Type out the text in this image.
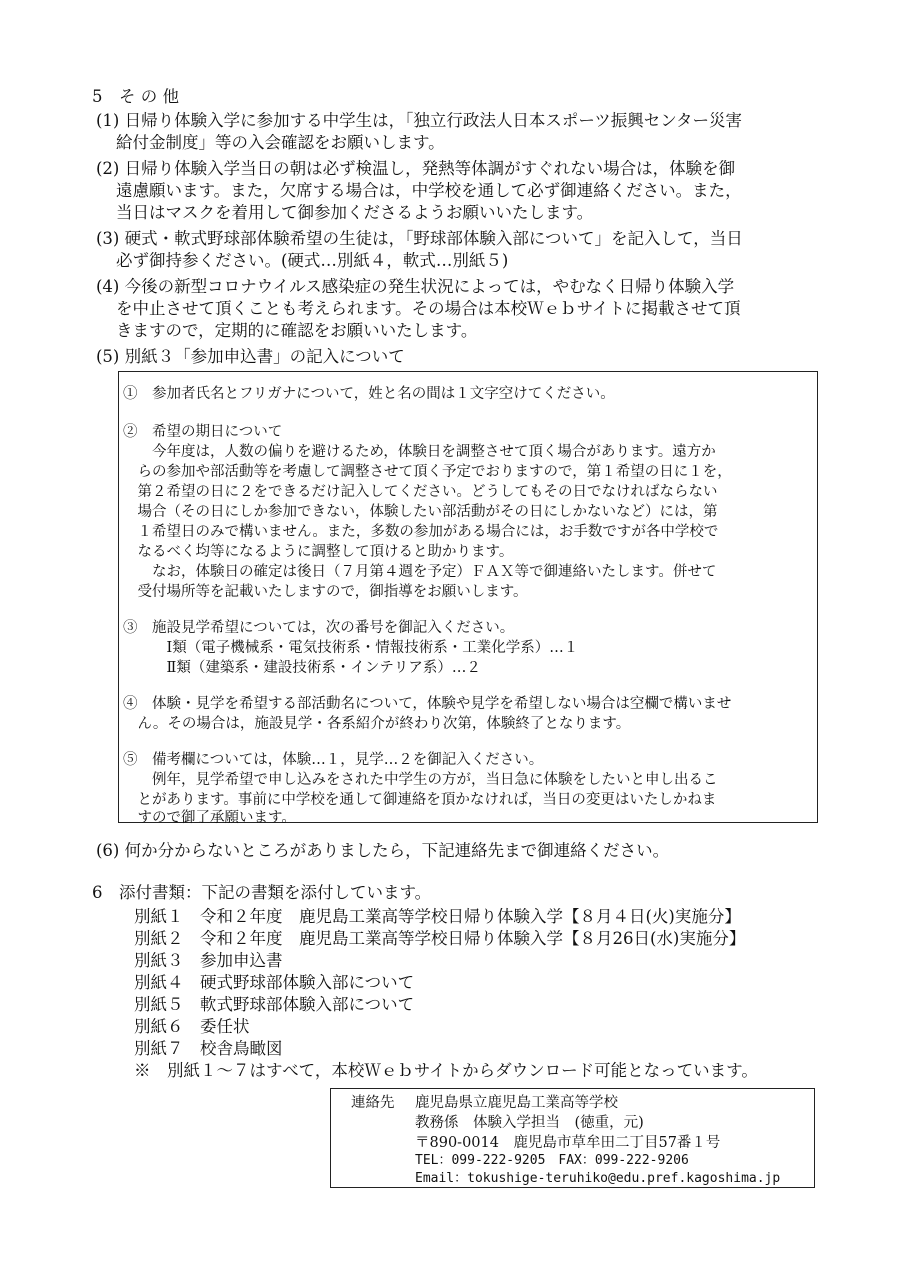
5　そ の 他
(1) 日帰り体験入学に参加する中学生は，「独立行政法人日本スポーツ振興センター災害
給付金制度」等の入会確認をお願いします。
(2) 日帰り体験入学当日の朝は必ず検温し，発熱等体調がすぐれない場合は，体験を御
遠慮願います。また，欠席する場合は，中学校を通して必ず御連絡ください。また，
当日はマスクを着用して御参加くださるようお願いいたします。
(3) 硬式・軟式野球部体験希望の生徒は，「野球部体験入部について」を記入して，当日
必ず御持参ください。(硬式…別紙４，軟式…別紙５)
(4) 今後の新型コロナウイルス感染症の発生状況によっては，やむなく日帰り体験入学
を中止させて頂くことも考えられます。その場合は本校Ｗｅｂサイトに掲載させて頂
きますので，定期的に確認をお願いいたします。
(5) 別紙３「参加申込書」の記入について
①　参加者氏名とフリガナについて，姓と名の間は１文字空けてください。
②　希望の期日について
　　今年度は，人数の偏りを避けるため，体験日を調整させて頂く場合があります。遠方か
　らの参加や部活動等を考慮して調整させて頂く予定でおりますので，第１希望の日に１を，
　第２希望の日に２をできるだけ記入してください。どうしてもその日でなければならない
　場合（その日にしか参加できない，体験したい部活動がその日にしかないなど）には，第
　１希望日のみで構いません。また，多数の参加がある場合には，お手数ですが各中学校で
　なるべく均等になるように調整して頂けると助かります。
　　なお，体験日の確定は後日（７月第４週を予定）ＦＡＸ等で御連絡いたします。併せて
　受付場所等を記載いたしますので，御指導をお願いします。
③　施設見学希望については，次の番号を御記入ください。
　　　Ⅰ類（電子機械系・電気技術系・情報技術系・工業化学系）…１
　　　Ⅱ類（建築系・建設技術系・インテリア系）…２
④　体験・見学を希望する部活動名について，体験や見学を希望しない場合は空欄で構いませ
　ん。その場合は，施設見学・各系紹介が終わり次第，体験終了となります。
⑤　備考欄については，体験…１，見学…２を御記入ください。
　　例年，見学希望で申し込みをされた中学生の方が，当日急に体験をしたいと申し出るこ
　とがあります。事前に中学校を通して御連絡を頂かなければ，当日の変更はいたしかねま
　すので御了承願います。
(6) 何か分からないところがありましたら，下記連絡先まで御連絡ください。
6　添付書類：下記の書類を添付しています。
別紙１　令和２年度　鹿児島工業高等学校日帰り体験入学【８月４日(火)実施分】
別紙２　令和２年度　鹿児島工業高等学校日帰り体験入学【８月26日(水)実施分】
別紙３　参加申込書
別紙４　硬式野球部体験入部について
別紙５　軟式野球部体験入部について
別紙６　委任状
別紙７　校舎鳥瞰図
※　別紙１～７はすべて，本校Ｗｅｂサイトからダウンロード可能となっています。
連絡先 鹿児島県立鹿児島工業高等学校
教務係　体験入学担当　(徳重，元)
〒890-0014　鹿児島市草牟田二丁目57番１号
TEL：099-222-9205　FAX：099-222-9206
Email：tokushige-teruhiko@edu.pref.kagoshima.jp
